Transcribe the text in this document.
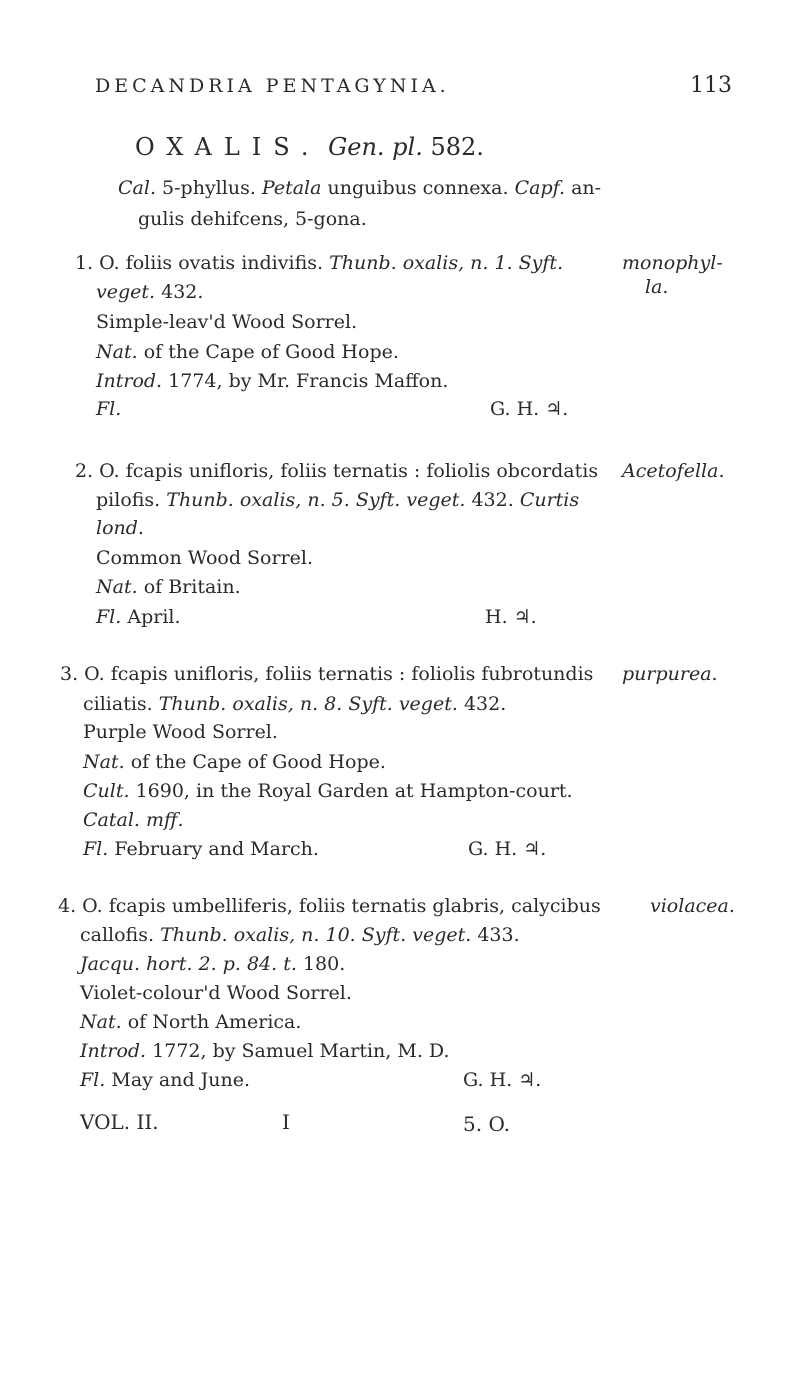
DECANDRIA PENTAGYNIA.	113
OXALIS. Gen. pl. 582.
Cal. 5-phyllus. Petala unguibus connexa. Capf. an-
gulis dehifcens, 5-gona.
1. O. foliis ovatis indivifis. Thunb. oxalis, n. 1. Syft.
veget. 432.
Simple-leav'd Wood Sorrel.
Nat. of the Cape of Good Hope.
Introd. 1774, by Mr. Francis Maffon.
Fl.	G. H. ♃.
monophyl-
la.
2. O. fcapis unifloris, foliis ternatis : foliolis obcordatis
pilofis. Thunb. oxalis, n. 5. Syft. veget. 432. Curtis
lond.
Common Wood Sorrel.
Nat. of Britain.
Fl. April.	H. ♃.
Acetofella.
3. O. fcapis unifloris, foliis ternatis : foliolis fubrotundis
ciliatis. Thunb. oxalis, n. 8. Syft. veget. 432.
Purple Wood Sorrel.
Nat. of the Cape of Good Hope.
Cult. 1690, in the Royal Garden at Hampton-court.
Catal. mff.
Fl. February and March.	G. H. ♃.
purpurea.
4. O. fcapis umbelliferis, foliis ternatis glabris, calycibus
callofis. Thunb. oxalis, n. 10. Syft. veget. 433.
Jacqu. hort. 2. p. 84. t. 180.
Violet-colour'd Wood Sorrel.
Nat. of North America.
Introd. 1772, by Samuel Martin, M. D.
Fl. May and June.	G. H. ♃.
violacea.
VOL. II.	I	5. O.
